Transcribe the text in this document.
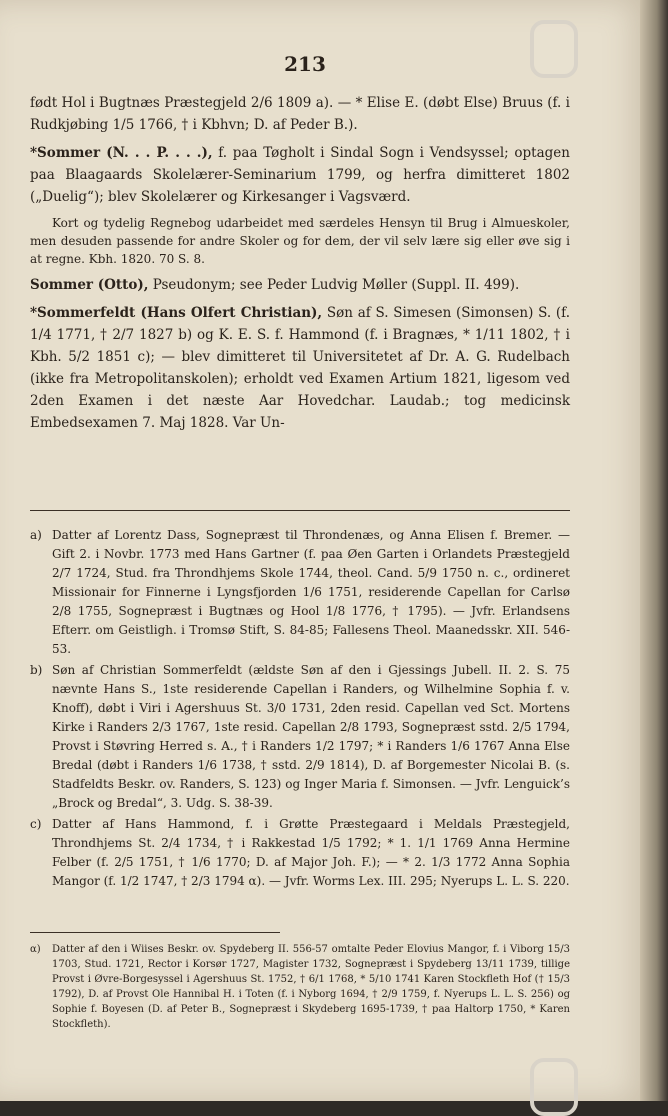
213

født Hol i Bugtnæs Præstegjeld 2/6 1809 a). — * Elise E. (døbt Else) Bruus (f. i Rudkjøbing 1/5 1766, † i Kbhvn; D. af Peder B.).

*Sommer (N. . . P. . . .), f. paa Tøgholt i Sindal Sogn i Vendsyssel; optagen paa Blaagaards Skolelærer-Seminarium 1799, og herfra dimitteret 1802 („Duelig“); blev Skolelærer og Kirkesanger i Vagsværd.

Kort og tydelig Regnebog udarbeidet med særdeles Hensyn til Brug i Almueskoler, men desuden passende for andre Skoler og for dem, der vil selv lære sig eller øve sig i at regne. Kbh. 1820. 70 S. 8.

Sommer (Otto), Pseudonym; see Peder Ludvig Møller (Suppl. II. 499).

*Sommerfeldt (Hans Olfert Christian), Søn af S. Simesen (Simonsen) S. (f. 1/4 1771, † 2/7 1827 b) og K. E. S. f. Hammond (f. i Bragnæs, * 1/11 1802, † i Kbh. 5/2 1851 c); — blev dimitteret til Universitetet af Dr. A. G. Rudelbach (ikke fra Metropolitanskolen); erholdt ved Examen Artium 1821, ligesom ved 2den Examen i det næste Aar Hovedchar. Laudab.; tog medicinsk Embedsexamen 7. Maj 1828. Var Un-

a) Datter af Lorentz Dass, Sognepræst til Throndenæs, og Anna Elisen f. Bremer. — Gift 2. i Novbr. 1773 med Hans Gartner (f. paa Øen Garten i Orlandets Præstegjeld 2/7 1724, Stud. fra Throndhjems Skole 1744, theol. Cand. 5/9 1750 n. c., ordineret Missionair for Finnerne i Lyngsfjorden 1/6 1751, residerende Capellan for Carlsø 2/8 1755, Sognepræst i Bugtnæs og Hool 1/8 1776, † 1795). — Jvfr. Erlandsens Efterr. om Geistligh. i Tromsø Stift, S. 84-85; Fallesens Theol. Maanedsskr. XII. 546-53.
b) Søn af Christian Sommerfeldt (ældste Søn af den i Gjessings Jubell. II. 2. S. 75 nævnte Hans S., 1ste residerende Capellan i Randers, og Wilhelmine Sophia f. v. Knoff), døbt i Viri i Agershuus St. 3/0 1731, 2den resid. Capellan ved Sct. Mortens Kirke i Randers 2/3 1767, 1ste resid. Capellan 2/8 1793, Sognepræst sstd. 2/5 1794, Provst i Støvring Herred s. A., † i Randers 1/2 1797; * i Randers 1/6 1767 Anna Else Bredal (døbt i Randers 1/6 1738, † sstd. 2/9 1814), D. af Borgemester Nicolai B. (s. Stadfeldts Beskr. ov. Randers, S. 123) og Inger Maria f. Simonsen. — Jvfr. Lenguick’s „Brock og Bredal“, 3. Udg. S. 38-39.
c) Datter af Hans Hammond, f. i Grøtte Præstegaard i Meldals Præstegjeld, Throndhjems St. 2/4 1734, † i Rakkestad 1/5 1792; * 1. 1/1 1769 Anna Hermine Felber (f. 2/5 1751, † 1/6 1770; D. af Major Joh. F.); — * 2. 1/3 1772 Anna Sophia Mangor (f. 1/2 1747, † 2/3 1794 α). — Jvfr. Worms Lex. III. 295; Nyerups L. L. S. 220.
α)	Datter af den i Wiises Beskr. ov. Spydeberg II. 556-57 omtalte Peder Elovius Mangor, f. i Viborg 15/3 1703, Stud. 1721, Rector i Korsør 1727, Magister 1732, Sognepræst i Spydeberg 13/11 1739, tillige Provst i Øvre-Borgesyssel i Agershuus St. 1752, † 6/1 1768, * 5/10 1741 Karen Stockfleth Hof († 15/3 1792), D. af Provst Ole Hannibal H. i Toten (f. i Nyborg 1694, † 2/9 1759, f. Nyerups L. L. S. 256) og Sophie f. Boyesen (D. af Peter B., Sognepræst i Skydeberg 1695-1739, † paa Haltorp 1750, * Karen Stockfleth).
